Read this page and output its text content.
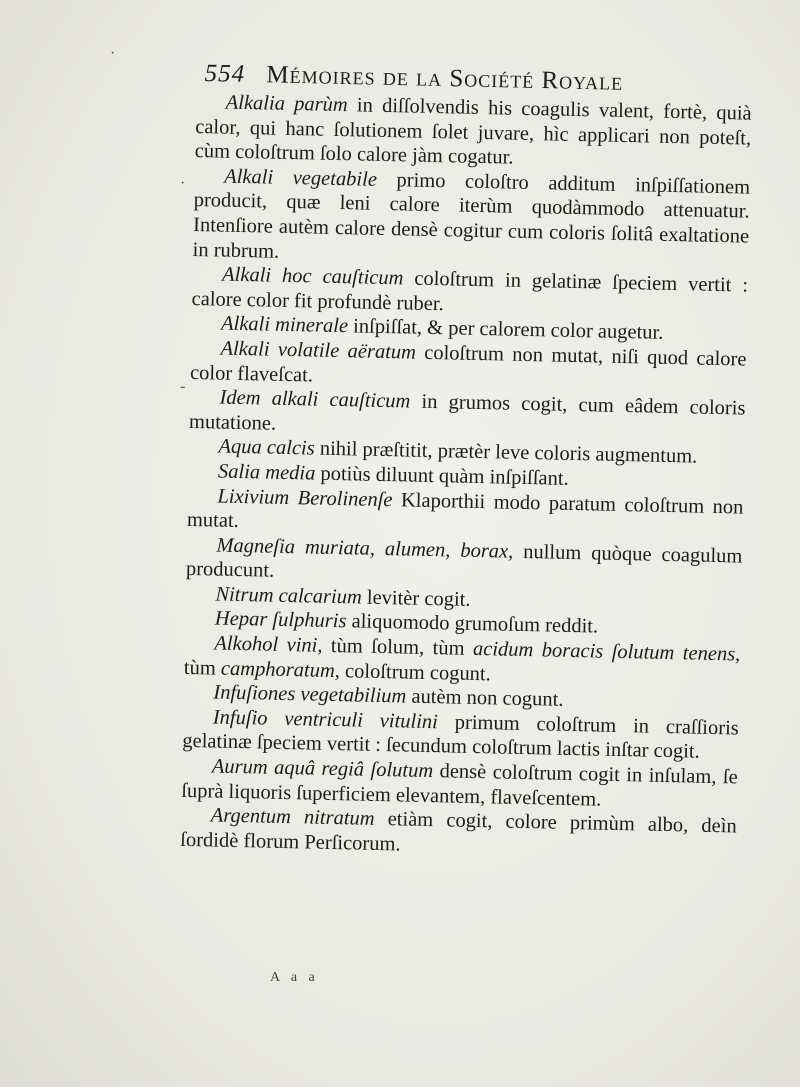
554 Mémoires de la Société Royale

Alkalia parùm in diſſolvendis his coagulis valent, fortè, quià calor, qui hanc ſolutionem ſolet juvare, hìc applicari non poteſt, cùm coloſtrum ſolo calore jàm cogatur.

Alkali vegetabile primo coloſtro additum inſpiſſationem producit, quæ leni calore iterùm quodàmmodo attenuatur. Intenſiore autèm calore densè cogitur cum coloris ſolitâ exaltatione in rubrum.

Alkali hoc cauſticum coloſtrum in gelatinæ ſpeciem vertit : calore color fit profundè ruber.

Alkali minerale inſpiſſat, & per calorem color augetur.

Alkali volatile aëratum coloſtrum non mutat, niſi quod calore color flaveſcat.

Idem alkali cauſticum in grumos cogit, cum eâdem coloris mutatione.

Aqua calcis nihil præſtitit, prætèr leve coloris augmentum.

Salia media potiùs diluunt quàm inſpiſſant.

Lixivium Berolinenſe Klaporthii modo paratum coloſtrum non mutat.

Magneſia muriata, alumen, borax, nullum quòque coagulum producunt.

Nitrum calcarium levitèr cogit.

Hepar ſulphuris aliquomodo grumoſum reddit.

Alkohol vini, tùm ſolum, tùm acidum boracis ſolutum tenens, tùm camphoratum, coloſtrum cogunt.

Infuſiones vegetabilium autèm non cogunt.

Infuſio ventriculi vitulini primum coloſtrum in craſſioris gelatinæ ſpeciem vertit : ſecundum coloſtrum lactis inſtar cogit.

Aurum aquâ regiâ ſolutum densè coloſtrum cogit in inſulam, ſe ſuprà liquoris ſuperficiem elevantem, flaveſcentem.

Argentum nitratum etiàm cogit, colore primùm albo, deìn ſordidè florum Perſicorum.

A a a
·
-
·
